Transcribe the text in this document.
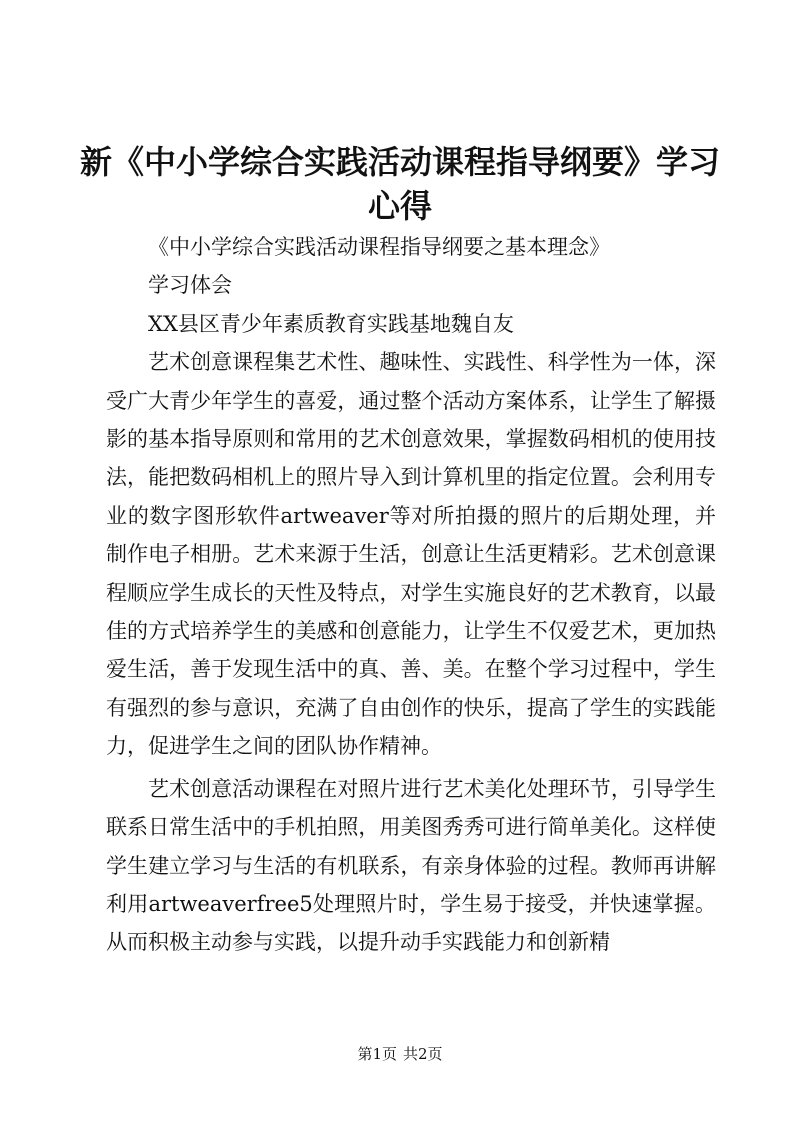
新《中小学综合实践活动课程指导纲要》学习心得

《中小学综合实践活动课程指导纲要之基本理念》

学习体会

XX县区青少年素质教育实践基地魏自友

艺术创意课程集艺术性、趣味性、实践性、科学性为一体，深受广大青少年学生的喜爱，通过整个活动方案体系，让学生了解摄影的基本指导原则和常用的艺术创意效果，掌握数码相机的使用技法，能把数码相机上的照片导入到计算机里的指定位置。会利用专业的数字图形软件artweaver等对所拍摄的照片的后期处理，并制作电子相册。艺术来源于生活，创意让生活更精彩。艺术创意课程顺应学生成长的天性及特点，对学生实施良好的艺术教育，以最佳的方式培养学生的美感和创意能力，让学生不仅爱艺术，更加热爱生活，善于发现生活中的真、善、美。在整个学习过程中，学生有强烈的参与意识，充满了自由创作的快乐，提高了学生的实践能力，促进学生之间的团队协作精神。

艺术创意活动课程在对照片进行艺术美化处理环节，引导学生联系日常生活中的手机拍照，用美图秀秀可进行简单美化。这样使学生建立学习与生活的有机联系，有亲身体验的过程。教师再讲解利用artweaverfree5处理照片时，学生易于接受，并快速掌握。从而积极主动参与实践，以提升动手实践能力和创新精

第1页 共2页
